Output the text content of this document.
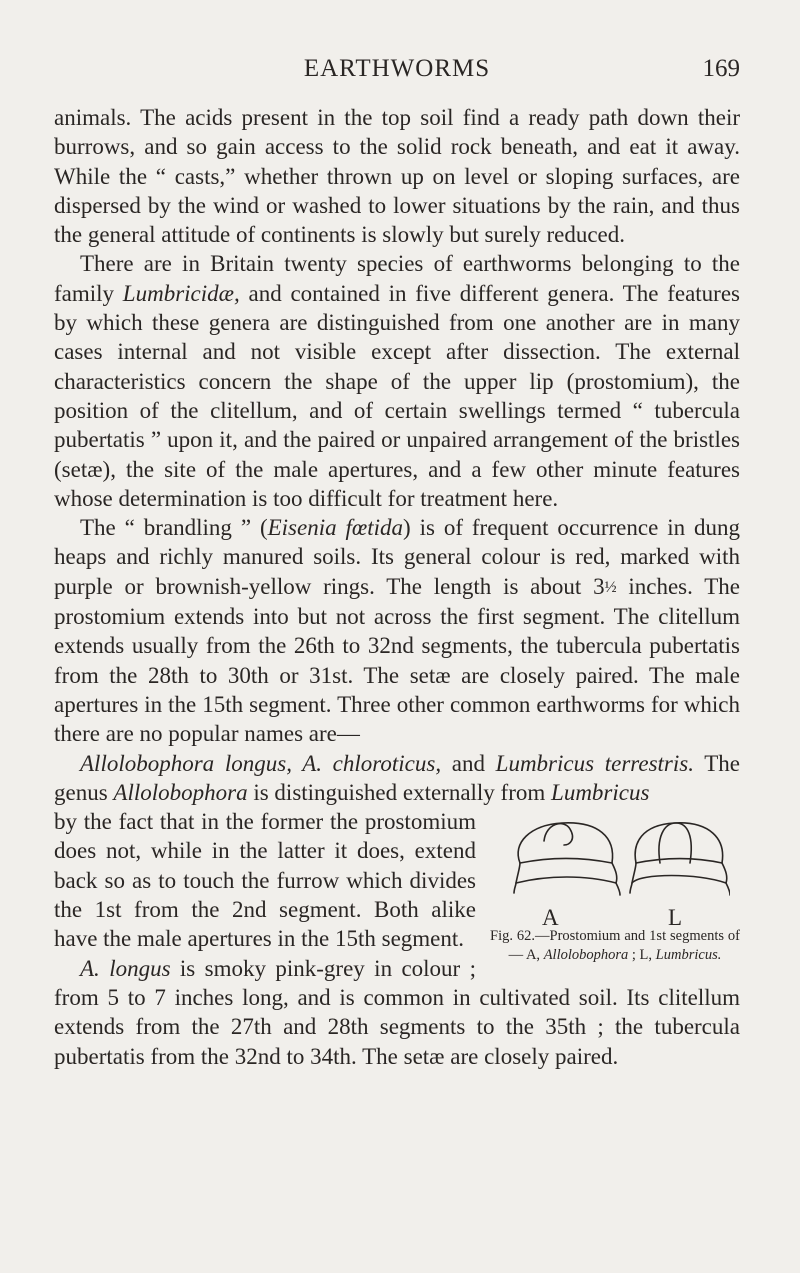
EARTHWORMS	169

animals. The acids present in the top soil find a ready path down their burrows, and so gain access to the solid rock beneath, and eat it away. While the “ casts,” whether thrown up on level or sloping surfaces, are dispersed by the wind or washed to lower situations by the rain, and thus the general attitude of continents is slowly but surely reduced.

There are in Britain twenty species of earthworms belonging to the family Lumbricidæ, and contained in five different genera. The features by which these genera are distinguished from one another are in many cases internal and not visible except after dissection. The external characteristics concern the shape of the upper lip (prostomium), the position of the clitellum, and of certain swellings termed “ tubercula pubertatis ” upon it, and the paired or unpaired arrangement of the bristles (setæ), the site of the male apertures, and a few other minute features whose determination is too difficult for treatment here.

The “ brandling ” (Eisenia fœtida) is of frequent occurrence in dung heaps and richly manured soils. Its general colour is red, marked with purple or brownish-yellow rings. The length is about 3½ inches. The prostomium extends into but not across the first segment. The clitellum extends usually from the 26th to 32nd segments, the tubercula pubertatis from the 28th to 30th or 31st. The setæ are closely paired. The male apertures in the 15th segment. Three other common earthworms for which there are no popular names are—

Allolobophora longus, A. chloroticus, and Lumbricus terrestris. The genus Allolobophora is distinguished externally from Lumbricus

A	L
Fig. 62.—Prostomium and 1st segments of— A, Allolobophora ; L, Lumbricus.
by the fact that in the former the prostomium does not, while in the latter it does, extend back so as to touch the furrow which divides the 1st from the 2nd segment. Both alike have the male apertures in the 15th segment.

A. longus is smoky pink-grey in colour ; from 5 to 7 inches long, and is common in cultivated soil. Its clitellum extends from the 27th and 28th segments to the 35th ; the tubercula pubertatis from the 32nd to 34th. The setæ are closely paired.
